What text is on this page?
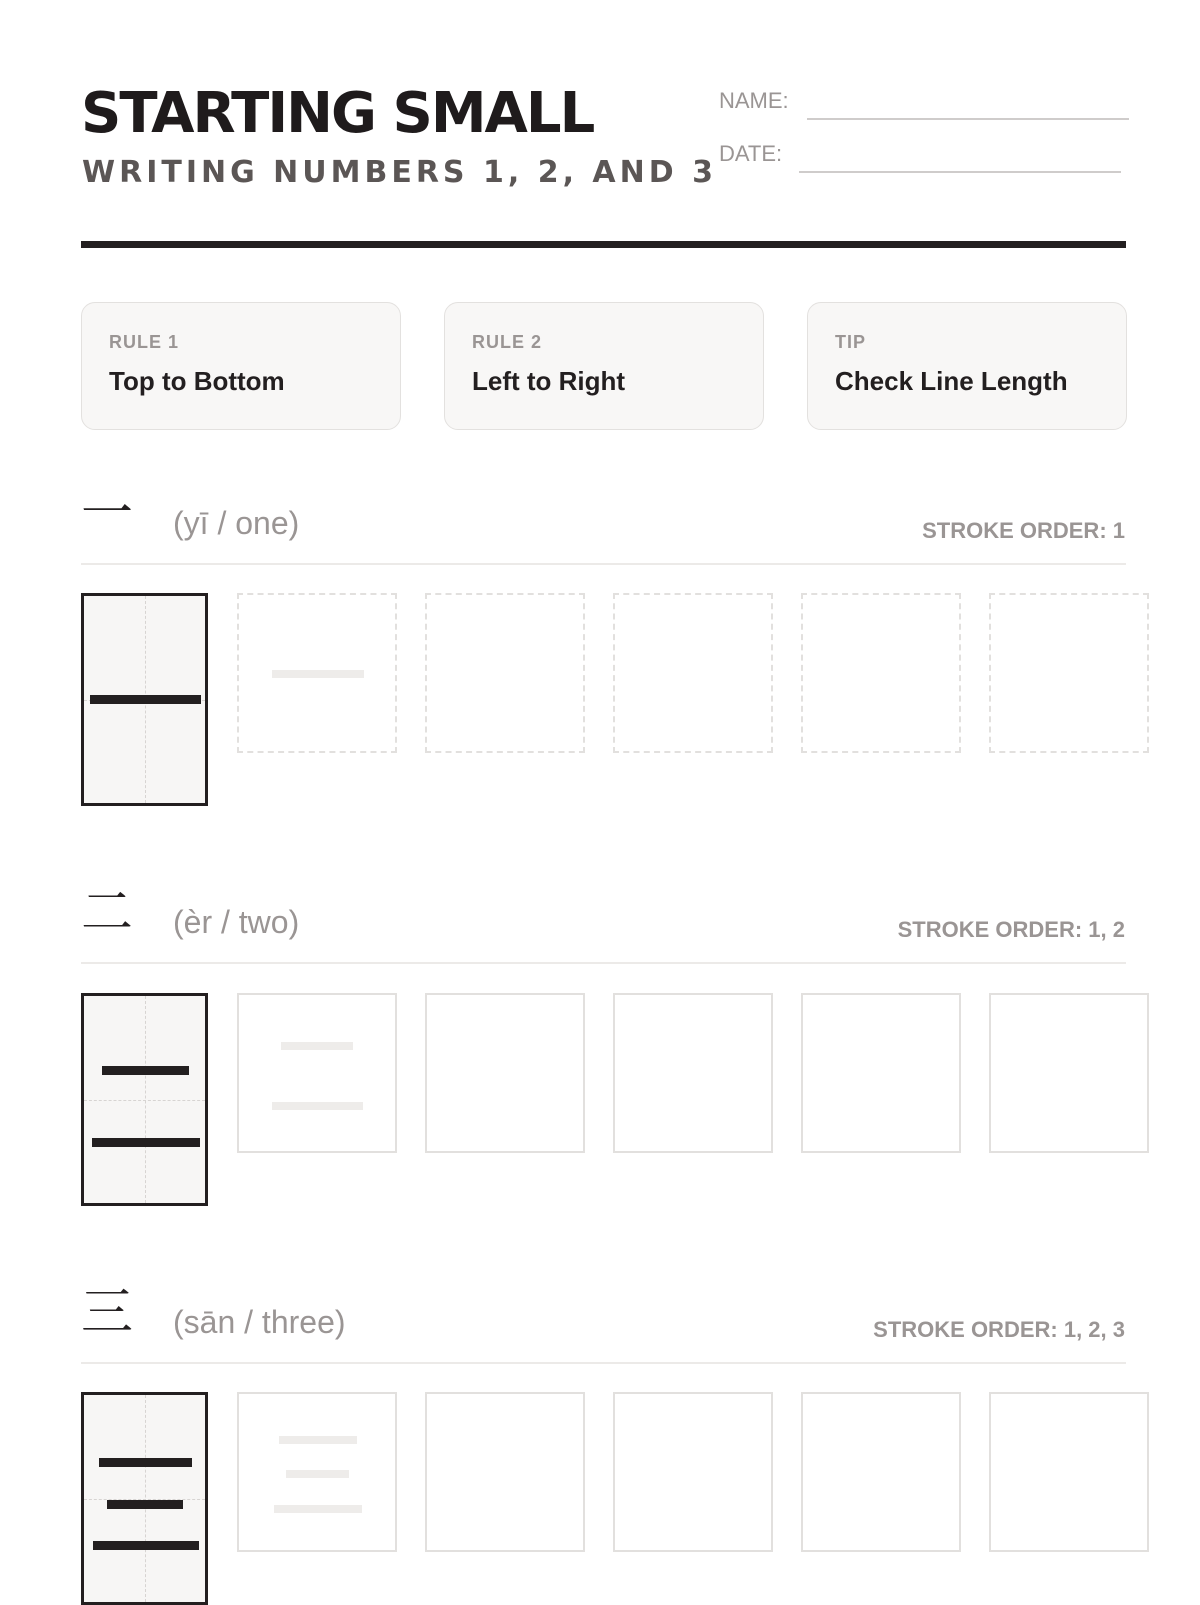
STARTING SMALL
WRITING NUMBERS 1, 2, AND 3
NAME:
DATE:
RULE 1
Top to Bottom
RULE 2
Left to Right
TIP
Check Line Length
一 (yī / one)	STROKE ORDER: 1
二 (èr / two)	STROKE ORDER: 1, 2
三 (sān / three)	STROKE ORDER: 1, 2, 3
